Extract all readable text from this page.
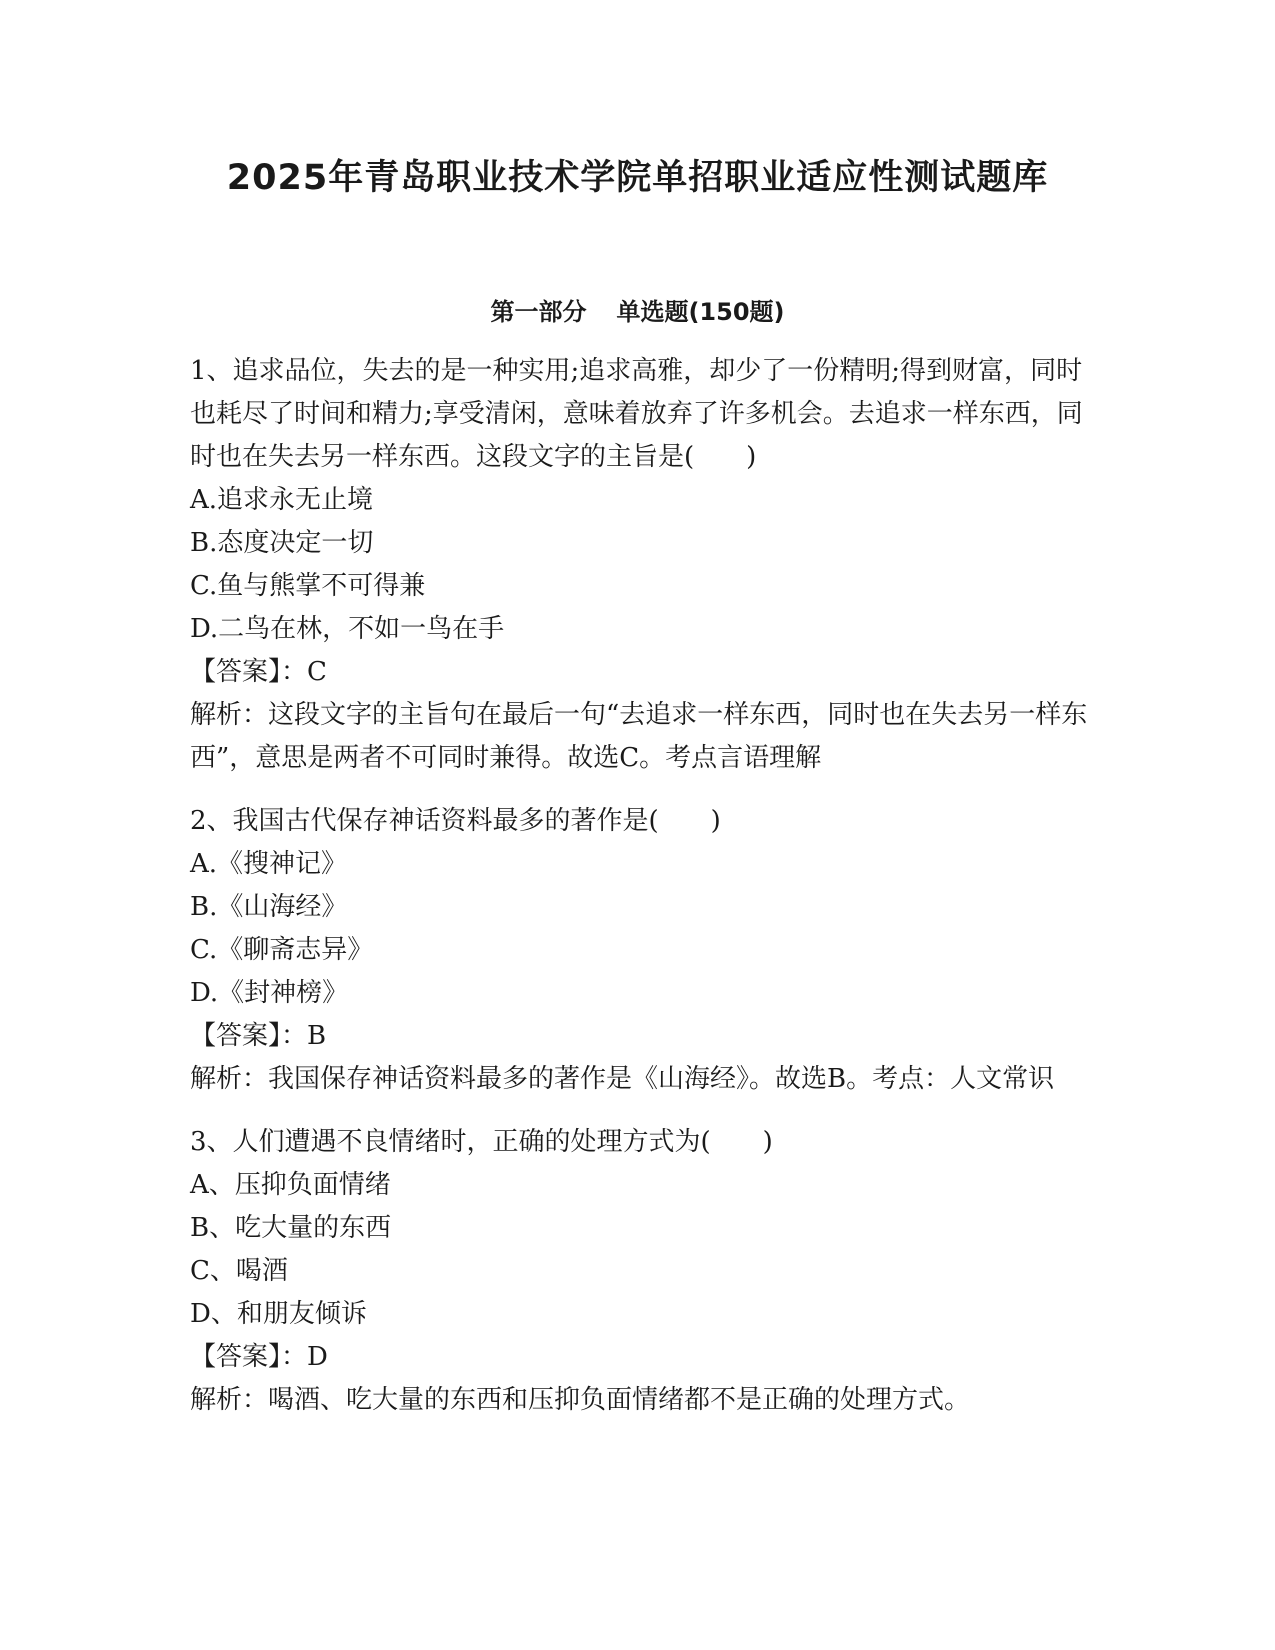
2025年青岛职业技术学院单招职业适应性测试题库
第一部分 单选题(150题)

1、追求品位，失去的是一种实用;追求高雅，却少了一份精明;得到财富，同时也耗尽了时间和精力;享受清闲，意味着放弃了许多机会。去追求一样东西，同时也在失去另一样东西。这段文字的主旨是(　　)

A.追求永无止境

B.态度决定一切

C.鱼与熊掌不可得兼

D.二鸟在林，不如一鸟在手

【答案】：C

解析：这段文字的主旨句在最后一句“去追求一样东西，同时也在失去另一样东西”，意思是两者不可同时兼得。故选C。考点言语理解

2、我国古代保存神话资料最多的著作是(　　)

A.《搜神记》

B.《山海经》

C.《聊斋志异》

D.《封神榜》

【答案】：B

解析：我国保存神话资料最多的著作是《山海经》。故选B。考点：人文常识

3、人们遭遇不良情绪时，正确的处理方式为(　　)

A、压抑负面情绪

B、吃大量的东西

C、喝酒

D、和朋友倾诉

【答案】：D

解析：喝酒、吃大量的东西和压抑负面情绪都不是正确的处理方式。
